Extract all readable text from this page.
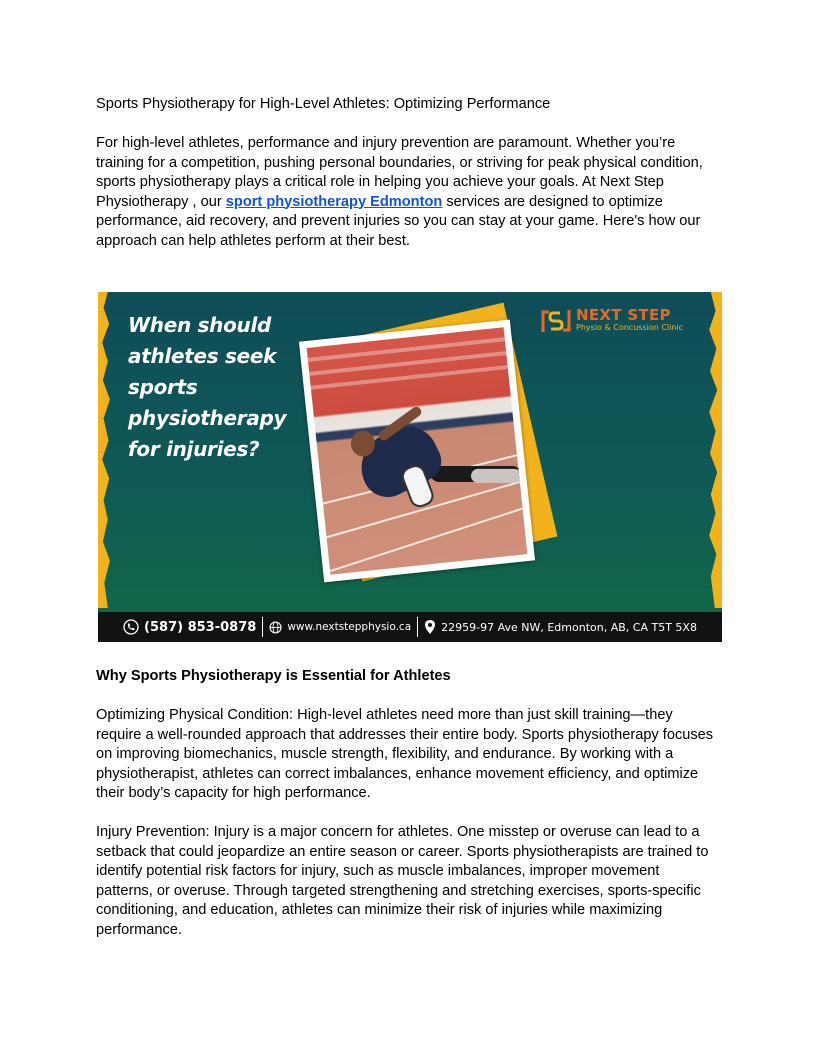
Sports Physiotherapy for High-Level Athletes: Optimizing Performance

For high-level athletes, performance and injury prevention are paramount. Whether you’re training for a competition, pushing personal boundaries, or striving for peak physical condition, sports physiotherapy plays a critical role in helping you achieve your goals. At Next Step Physiotherapy , our sport physiotherapy Edmonton services are designed to optimize performance, aid recovery, and prevent injuries so you can stay at your game. Here's how our approach can help athletes perform at their best.

When should
athletes seek
sports
physiotherapy
for injuries?
NEXT STEP
Physio & Concussion Clinic
(587) 853-0878	www.nextstepphysio.ca	22959-97 Ave NW, Edmonton, AB, CA T5T 5X8

Why Sports Physiotherapy is Essential for Athletes

Optimizing Physical Condition: High-level athletes need more than just skill training—they require a well-rounded approach that addresses their entire body. Sports physiotherapy focuses on improving biomechanics, muscle strength, flexibility, and endurance. By working with a physiotherapist, athletes can correct imbalances, enhance movement efficiency, and optimize their body’s capacity for high performance.

Injury Prevention: Injury is a major concern for athletes. One misstep or overuse can lead to a setback that could jeopardize an entire season or career. Sports physiotherapists are trained to identify potential risk factors for injury, such as muscle imbalances, improper movement patterns, or overuse. Through targeted strengthening and stretching exercises, sports-specific conditioning, and education, athletes can minimize their risk of injuries while maximizing performance.
